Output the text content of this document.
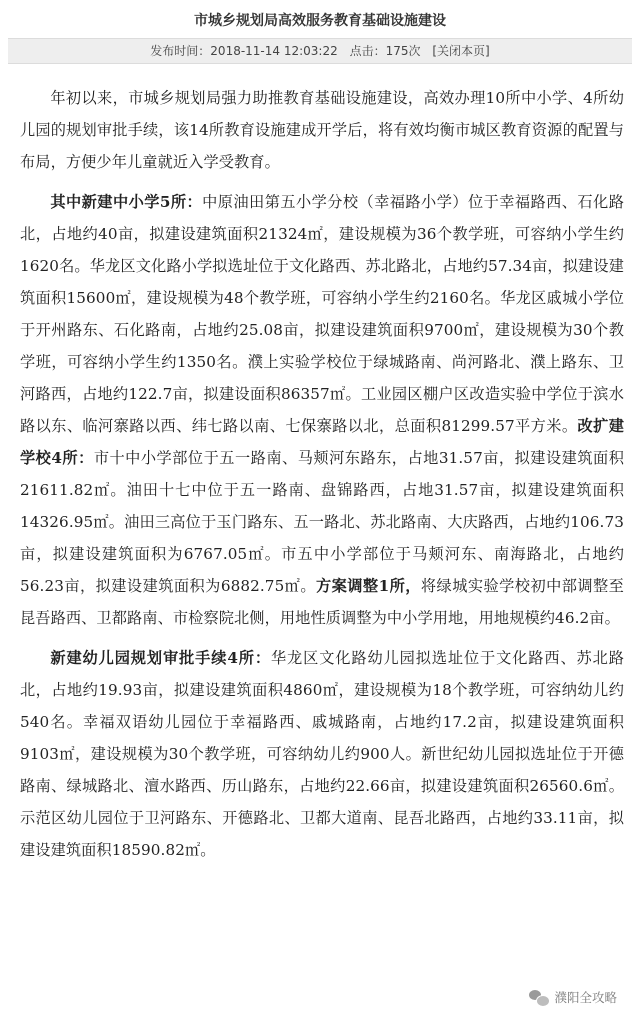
市城乡规划局高效服务教育基础设施建设
发布时间：2018-11-14 12:03:22 点击：175次 [关闭本页]

年初以来，市城乡规划局强力助推教育基础设施建设，高效办理10所中小学、4所幼儿园的规划审批手续，该14所教育设施建成开学后，将有效均衡市城区教育资源的配置与布局，方便少年儿童就近入学受教育。

其中新建中小学5所：中原油田第五小学分校（幸福路小学）位于幸福路西、石化路北，占地约40亩，拟建设建筑面积21324㎡，建设规模为36个教学班，可容纳小学生约1620名。华龙区文化路小学拟选址位于文化路西、苏北路北，占地约57.34亩，拟建设建筑面积15600㎡，建设规模为48个教学班，可容纳小学生约2160名。华龙区戚城小学位于开州路东、石化路南，占地约25.08亩，拟建设建筑面积9700㎡，建设规模为30个教学班，可容纳小学生约1350名。濮上实验学校位于绿城路南、尚河路北、濮上路东、卫河路西，占地约122.7亩，拟建设面积86357㎡。工业园区棚户区改造实验中学位于滨水路以东、临河寨路以西、纬七路以南、七保寨路以北，总面积81299.57平方米。改扩建学校4所：市十中小学部位于五一路南、马颊河东路东，占地31.57亩，拟建设建筑面积21611.82㎡。油田十七中位于五一路南、盘锦路西，占地31.57亩，拟建设建筑面积14326.95㎡。油田三高位于玉门路东、五一路北、苏北路南、大庆路西，占地约106.73亩，拟建设建筑面积为6767.05㎡。市五中小学部位于马颊河东、南海路北，占地约56.23亩，拟建设建筑面积为6882.75㎡。方案调整1所，将绿城实验学校初中部调整至昆吾路西、卫都路南、市检察院北侧，用地性质调整为中小学用地，用地规模约46.2亩。

新建幼儿园规划审批手续4所：华龙区文化路幼儿园拟选址位于文化路西、苏北路北，占地约19.93亩，拟建设建筑面积4860㎡，建设规模为18个教学班，可容纳幼儿约540名。幸福双语幼儿园位于幸福路西、戚城路南，占地约17.2亩，拟建设建筑面积9103㎡，建设规模为30个教学班，可容纳幼儿约900人。新世纪幼儿园拟选址位于开德路南、绿城路北、澶水路西、历山路东，占地约22.66亩，拟建设建筑面积26560.6㎡。示范区幼儿园位于卫河路东、开德路北、卫都大道南、昆吾北路西，占地约33.11亩，拟建设建筑面积18590.82㎡。

濮阳全攻略
